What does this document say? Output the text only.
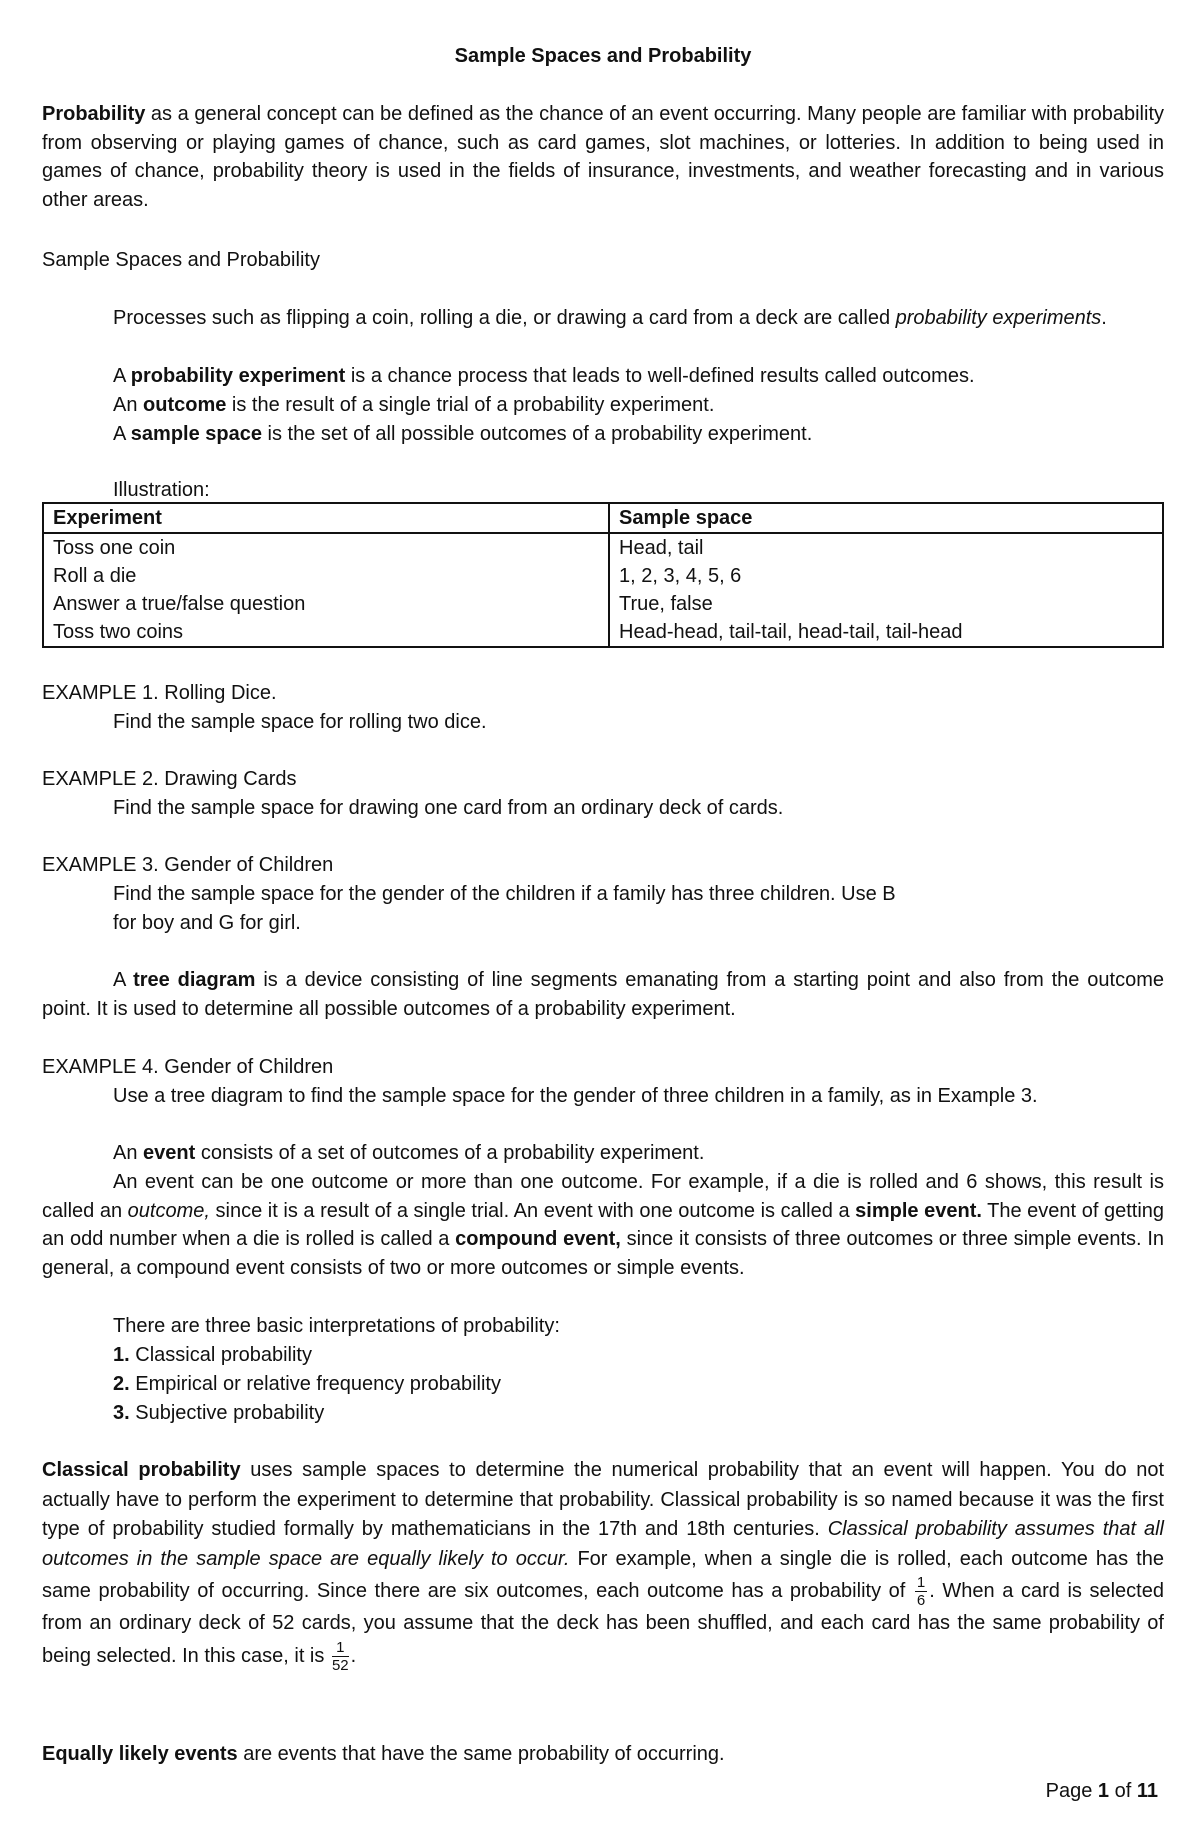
Sample Spaces and Probability

Probability as a general concept can be defined as the chance of an event occurring. Many people are familiar with probability from observing or playing games of chance, such as card games, slot machines, or lotteries. In addition to being used in games of chance, probability theory is used in the fields of insurance, investments, and weather forecasting and in various other areas.

Sample Spaces and Probability

Processes such as flipping a coin, rolling a die, or drawing a card from a deck are called probability experiments.

A probability experiment is a chance process that leads to well-defined results called outcomes.

An outcome is the result of a single trial of a probability experiment.

A sample space is the set of all possible outcomes of a probability experiment.

Illustration:

Experiment	Sample space
Toss one coin	Head, tail
Roll a die	1, 2, 3, 4, 5, 6
Answer a true/false question	True, false
Toss two coins	Head-head, tail-tail, head-tail, tail-head

EXAMPLE 1. Rolling Dice.

Find the sample space for rolling two dice.

EXAMPLE 2. Drawing Cards

Find the sample space for drawing one card from an ordinary deck of cards.

EXAMPLE 3. Gender of Children

Find the sample space for the gender of the children if a family has three children. Use B

for boy and G for girl.

A tree diagram is a device consisting of line segments emanating from a starting point and also from the outcome point. It is used to determine all possible outcomes of a probability experiment.

EXAMPLE 4. Gender of Children

Use a tree diagram to find the sample space for the gender of three children in a family, as in Example 3.

An event consists of a set of outcomes of a probability experiment.

An event can be one outcome or more than one outcome. For example, if a die is rolled and 6 shows, this result is called an outcome, since it is a result of a single trial. An event with one outcome is called a simple event. The event of getting an odd number when a die is rolled is called a compound event, since it consists of three outcomes or three simple events. In general, a compound event consists of two or more outcomes or simple events.

There are three basic interpretations of probability:

1. Classical probability

2. Empirical or relative frequency probability

3. Subjective probability

Classical probability uses sample spaces to determine the numerical probability that an event will happen. You do not actually have to perform the experiment to determine that probability. Classical probability is so named because it was the first type of probability studied formally by mathematicians in the 17th and 18th centuries. Classical probability assumes that all outcomes in the sample space are equally likely to occur. For example, when a single die is rolled, each outcome has the same probability of occurring. Since there are six outcomes, each outcome has a probability of $\frac{1}{6}$ . When a card is selected from an ordinary deck of 52 cards, you assume that the deck has been shuffled, and each card has the same probability of being selected. In this case, it is $\frac{1}{52}$ .

Equally likely events are events that have the same probability of occurring.

Page 1 of 11
